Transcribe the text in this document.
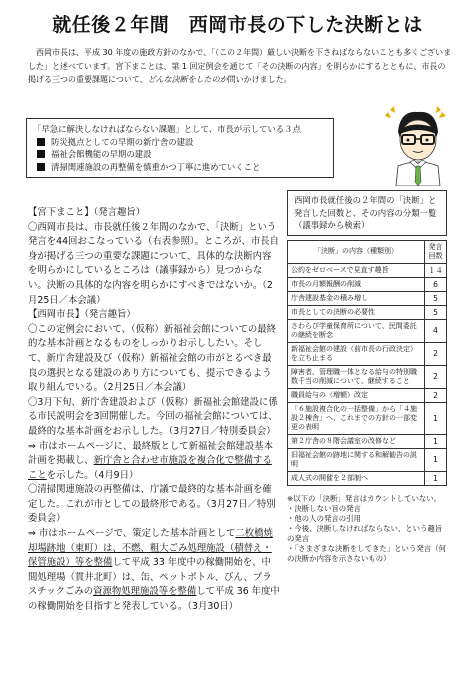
就任後２年間　西岡市長の下した決断とは
西岡市長は、平成 30 年度の施政方針のなかで、「（この２年間）厳しい決断を下さねばならないことも多くございました」と述べています。宮下まことは、第 1 回定例会を通じて「その決断の内容」を明らかにするとともに、市長の掲げる三つの重要課題について、どんな決断をしたのか問いかけました。
「早急に解決しなければならない課題」として、市長が示している３点
防災拠点としての早期の新庁舎の建設
福祉会館機能の早期の建設
清掃関連施設の再整備を慎重かつ丁寧に進めていくこと

【宮下まこと】（発言趣旨）

〇西岡市長は、市長就任後２年間のなかで、「決断」という発言を44回おこなっている（右表参照）。ところが、市長自身が掲げる三つの重要な課題について、具体的な決断内容を明らかにしているところは（議事録から）見つからない。決断の具体的な内容を明らかにすべきではないか。（2月25日／本会議）

【西岡市長】（発言趣旨）

〇この定例会において、（仮称）新福祉会館についての最終的な基本計画となるものをしっかりお示ししたい。そして、新庁舎建設及び（仮称）新福祉会館の市がとるべき最良の選択となる建設のあり方についても、提示できるよう取り組んでいる。（2月25日／本会議）

〇3月下旬、新庁舎建設および（仮称）新福祉会館建設に係る市民説明会を3回開催した。今回の福祉会館については、最終的な基本計画をお示しした。（3月27日／特別委員会）

⇒ 市はホームページに、最終版として新福祉会館建設基本計画を掲載し、新庁舎と合わせ市施設を複合化で整備することを示した。（4月9日）

〇清掃関連施設の再整備は、庁議で最終的な基本計画を確定した。これが市としての最終形である。（3月27日／特別委員会）

⇒ 市はホームページで、策定した基本計画として二枚橋焼却場跡地（東町）は、不燃、粗大ごみ処理施設（積替え・保管施設）等を整備して平成 33 年度中の稼働開始を、中間処理場（貫井北町）は、缶、ペットボトル、びん、プラスチックごみの資源物処理施設等を整備して平成 36 年度中の稼働開始を目指すと発表している。（3月30日）

西岡市長就任後の２年間の「決断」と発言した回数と、その内容の分類一覧（議事録から検索）
「決断」の内容（種類別）	発言回数
公約をゼロベースで見直す趣旨	１４
市長の月額報酬の削減	6
庁舎建設基金の積み増し	5
市長としての決断の必要性	5
さわらび学童保育所について、民間委託の継続を断念	4
新福祉会館の建設（前市長の行政決定）を立ち止まる	2
障害者、管理職一体となる給与の特別職数千当の削減について、継続すること	2
職員給与の（増額）改定	2
「６施設複合化の一括整備」から「４施設２棟舎」へ、これまでの方針の一部変更の表明	1
第２庁舎の８階会議室の改修など	1
旧福祉会館の跡地に関する和解勧告の説明	1
成人式の開催を２部制へ	1
※以下の「決断」発言はカウントしていない。
・決断しない旨の発言
・他の人の発言の引用
・今後、決断しなければならない、という趣旨の発言
・「さまざまな決断をしてきた」という発言（何の決断か内容を示さないもの）
